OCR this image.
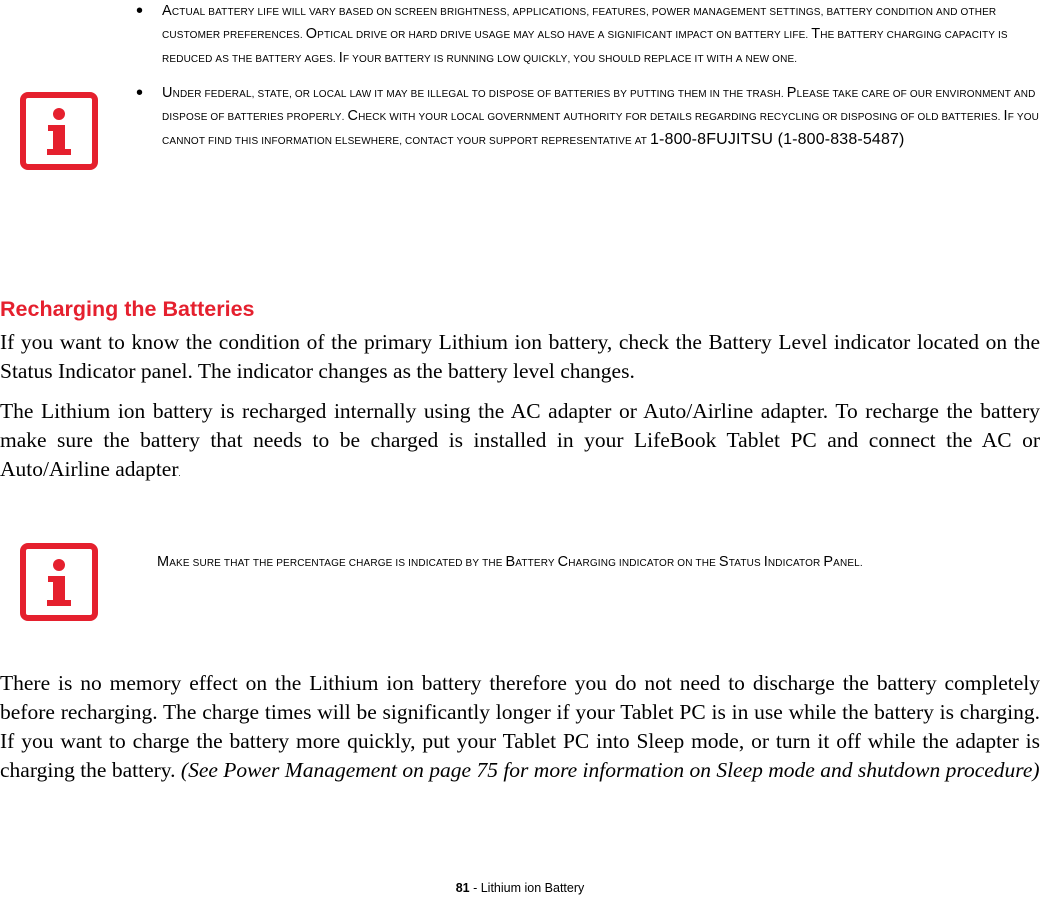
• Actual battery life will vary based on screen brightness, applications, features, power management settings, battery condition and other customer preferences. Optical drive or hard drive usage may also have a significant impact on battery life. The battery charging capacity is reduced as the battery ages. If your battery is running low quickly, you should replace it with a new one.
• Under federal, state, or local law it may be illegal to dispose of batteries by putting them in the trash. Please take care of our environment and dispose of batteries properly. Check with your local government authority for details regarding recycling or disposing of old batteries. If you cannot find this information elsewhere, contact your support representative at 1-800-8FUJITSU (1-800-838-5487)
Recharging the Batteries

If you want to know the condition of the primary Lithium ion battery, check the Battery Level indicator located on the Status Indicator panel. The indicator changes as the battery level changes.

The Lithium ion battery is recharged internally using the AC adapter or Auto/Airline adapter. To recharge the battery make sure the battery that needs to be charged is installed in your LifeBook Tablet PC and connect the AC or Auto/Airline adapter.

Make sure that the percentage charge is indicated by the Battery Charging indicator on the Status Indicator Panel.

There is no memory effect on the Lithium ion battery therefore you do not need to discharge the battery completely before recharging. The charge times will be significantly longer if your Tablet PC is in use while the battery is charging. If you want to charge the battery more quickly, put your Tablet PC into Sleep mode, or turn it off while the adapter is charging the battery. (See Power Management on page 75 for more information on Sleep mode and shutdown procedure)

81 - Lithium ion Battery
